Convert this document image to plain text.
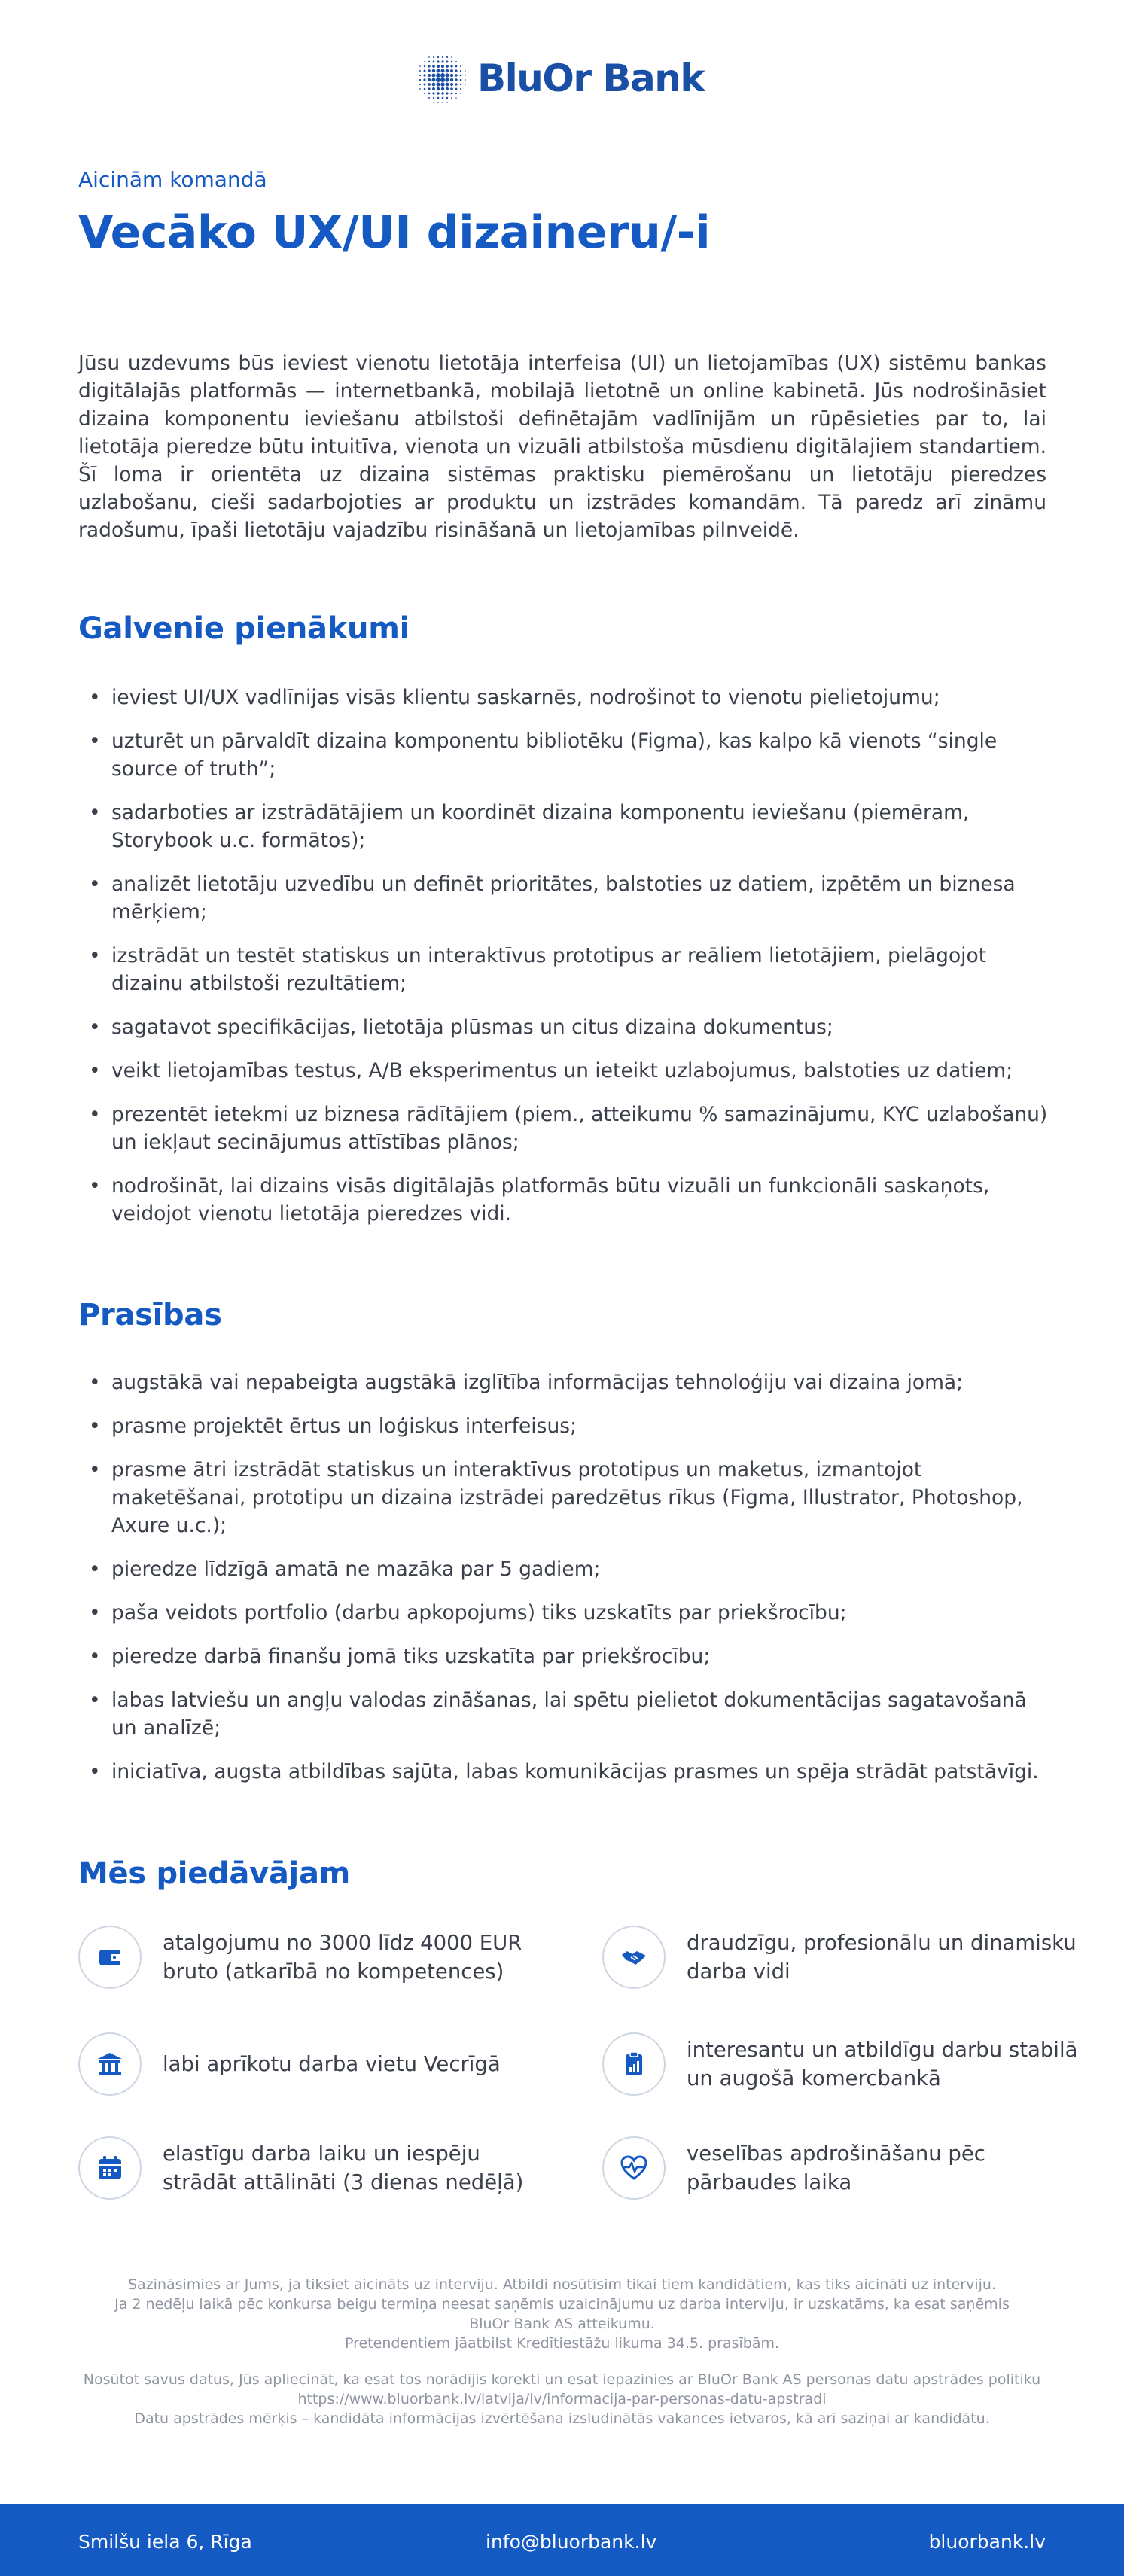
BluOr Bank
Aicinām komandā
Vecāko UX/UI dizaineru/-i

Jūsu uzdevums būs ieviest vienotu lietotāja interfeisa (UI) un lietojamības (UX) sistēmu bankas digitālajās platformās — internetbankā, mobilajā lietotnē un online kabinetā. Jūs nodrošināsiet dizaina komponentu ieviešanu atbilstoši definētajām vadlīnijām un rūpēsieties par to, lai lietotāja pieredze būtu intuitīva, vienota un vizuāli atbilstoša mūsdienu digitālajiem standartiem. Šī loma ir orientēta uz dizaina sistēmas praktisku piemērošanu un lietotāju pieredzes uzlabošanu, cieši sadarbojoties ar produktu un izstrādes komandām. Tā paredz arī zināmu radošumu, īpaši lietotāju vajadzību risināšanā un lietojamības pilnveidē.

Galvenie pienākumi
• ieviest UI/UX vadlīnijas visās klientu saskarnēs, nodrošinot to vienotu pielietojumu;
• uzturēt un pārvaldīt dizaina komponentu bibliotēku (Figma), kas kalpo kā vienots “single source of truth”;
• sadarboties ar izstrādātājiem un koordinēt dizaina komponentu ieviešanu (piemēram, Storybook u.c. formātos);
• analizēt lietotāju uzvedību un definēt prioritātes, balstoties uz datiem, izpētēm un biznesa mērķiem;
• izstrādāt un testēt statiskus un interaktīvus prototipus ar reāliem lietotājiem, pielāgojot dizainu atbilstoši rezultātiem;
• sagatavot specifikācijas, lietotāja plūsmas un citus dizaina dokumentus;
• veikt lietojamības testus, A/B eksperimentus un ieteikt uzlabojumus, balstoties uz datiem;
• prezentēt ietekmi uz biznesa rādītājiem (piem., atteikumu % samazinājumu, KYC uzlabošanu) un iekļaut secinājumus attīstības plānos;
• nodrošināt, lai dizains visās digitālajās platformās būtu vizuāli un funkcionāli saskaņots, veidojot vienotu lietotāja pieredzes vidi.
Prasības
• augstākā vai nepabeigta augstākā izglītība informācijas tehnoloģiju vai dizaina jomā;
• prasme projektēt ērtus un loģiskus interfeisus;
• prasme ātri izstrādāt statiskus un interaktīvus prototipus un maketus, izmantojot maketēšanai, prototipu un dizaina izstrādei paredzētus rīkus (Figma, Illustrator, Photoshop, Axure u.c.);
• pieredze līdzīgā amatā ne mazāka par 5 gadiem;
• paša veidots portfolio (darbu apkopojums) tiks uzskatīts par priekšrocību;
• pieredze darbā finanšu jomā tiks uzskatīta par priekšrocību;
• labas latviešu un angļu valodas zināšanas, lai spētu pielietot dokumentācijas sagatavošanā un analīzē;
• iniciatīva, augsta atbildības sajūta, labas komunikācijas prasmes un spēja strādāt patstāvīgi.
Mēs piedāvājam
atalgojumu no 3000 līdz 4000 EUR bruto (atkarībā no kompetences)
draudzīgu, profesionālu un dinamisku darba vidi
labi aprīkotu darba vietu Vecrīgā
interesantu un atbildīgu darbu stabilā un augošā komercbankā
elastīgu darba laiku un iespēju strādāt attālināti (3 dienas nedēļā)
veselības apdrošināšanu pēc pārbaudes laika
Sazināsimies ar Jums, ja tiksiet aicināts uz interviju. Atbildi nosūtīsim tikai tiem kandidātiem, kas tiks aicināti uz interviju.
Ja 2 nedēļu laikā pēc konkursa beigu termiņa neesat saņēmis uzaicinājumu uz darba interviju, ir uzskatāms, ka esat saņēmis
BluOr Bank AS atteikumu.
Pretendentiem jāatbilst Kredītiestāžu likuma 34.5. prasībām.
Nosūtot savus datus, Jūs apliecināt, ka esat tos norādījis korekti un esat iepazinies ar BluOr Bank AS personas datu apstrādes politiku
https://www.bluorbank.lv/latvija/lv/informacija-par-personas-datu-apstradi
Datu apstrādes mērķis – kandidāta informācijas izvērtēšana izsludinātās vakances ietvaros, kā arī saziņai ar kandidātu.
Smilšu iela 6, Rīga	info@bluorbank.lv	bluorbank.lv
